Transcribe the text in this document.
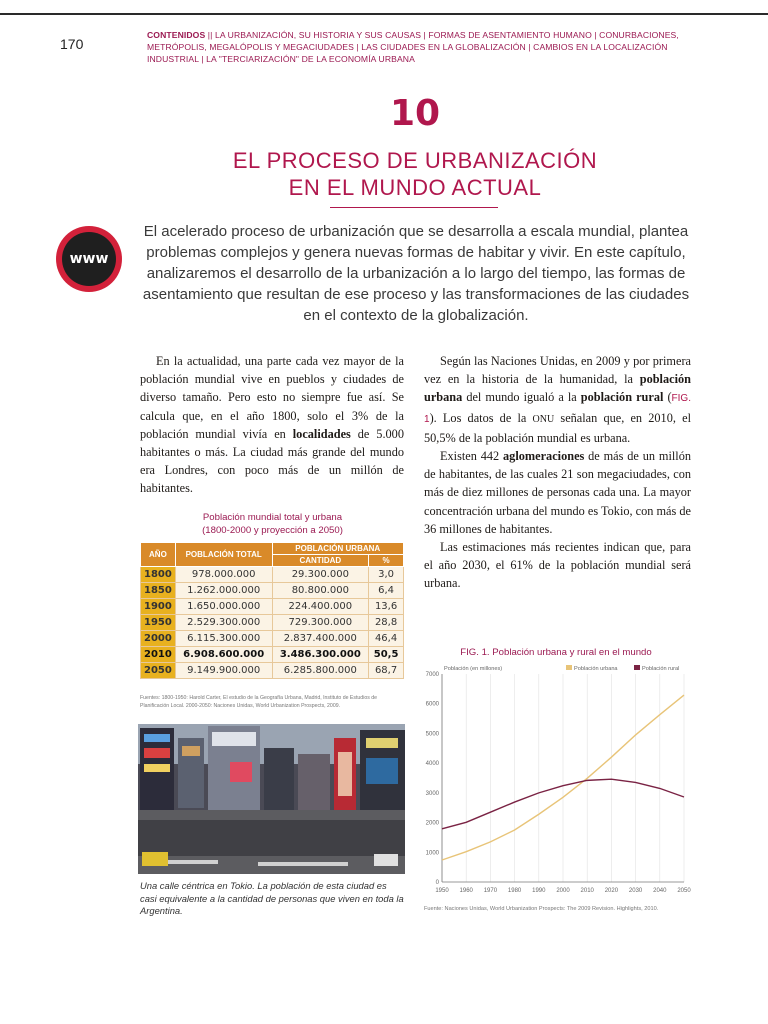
170
CONTENIDOS || LA URBANIZACIÓN, SU HISTORIA Y SUS CAUSAS | FORMAS DE ASENTAMIENTO HUMANO | CONURBACIONES, METRÓPOLIS, MEGALÓPOLIS Y MEGACIUDADES | LAS CIUDADES EN LA GLOBALIZACIÓN | CAMBIOS EN LA LOCALIZACIÓN INDUSTRIAL | LA "TERCIARIZACIÓN" DE LA ECONOMÍA URBANA
10
EL PROCESO DE URBANIZACIÓN
EN EL MUNDO ACTUAL
www
El acelerado proceso de urbanización que se desarrolla a escala mundial, plantea problemas complejos y genera nuevas formas de habitar y vivir. En este capítulo, analizaremos el desarrollo de la urbanización a lo largo del tiempo, las formas de asentamiento que resultan de ese proceso y las transformaciones de las ciudades en el contexto de la globalización.

En la actualidad, una parte cada vez mayor de la población mundial vive en pueblos y ciudades de diverso tamaño. Pero esto no siempre fue así. Se calcula que, en el año 1800, solo el 3% de la población mundial vivía en localidades de 5.000 habitantes o más. La ciudad más grande del mundo era Londres, con poco más de un millón de habitantes.

Población mundial total y urbana
(1800-2000 y proyección a 2050)
AÑO	POBLACIÓN TOTAL	POBLACIÓN URBANA	
		CANTIDAD	%
1800	978.000.000	29.300.000	3,0
1850	1.262.000.000	80.800.000	6,4
1900	1.650.000.000	224.400.000	13,6
1950	2.529.300.000	729.300.000	28,8
2000	6.115.300.000	2.837.400.000	46,4
2010	6.908.600.000	3.486.300.000	50,5
2050	9.149.900.000	6.285.800.000	68,7
Fuentes: 1800-1950: Harold Carter, El estudio de la Geografía Urbana, Madrid, Instituto de Estudios de Planificación Local. 2000-2050: Naciones Unidas, World Urbanization Prospects, 2009.
Una calle céntrica en Tokio. La población de esta ciudad es casi equivalente a la cantidad de personas que viven en toda la Argentina.

Según las Naciones Unidas, en 2009 y por primera vez en la historia de la humanidad, la población urbana del mundo igualó a la población rural (FIG. 1). Los datos de la ONU señalan que, en 2010, el 50,5% de la población mundial es urbana.

Existen 442 aglomeraciones de más de un millón de habitantes, de las cuales 21 son megaciudades, con más de diez millones de personas cada una. La mayor concentración urbana del mundo es Tokio, con más de 36 millones de habitantes.

Las estimaciones más recientes indican que, para el año 2030, el 61% de la población mundial será urbana.

FIG. 1. Población urbana y rural en el mundo
0
1000
2000
3000
4000
5000
6000
7000
1950 1960 1970 1980 1990 2000 2010 2020 2030 2040 2050
Población (en millones)	Población urbana	Población rural
Fuente: Naciones Unidas, World Urbanization Prospects: The 2009 Revision. Highlights, 2010.
